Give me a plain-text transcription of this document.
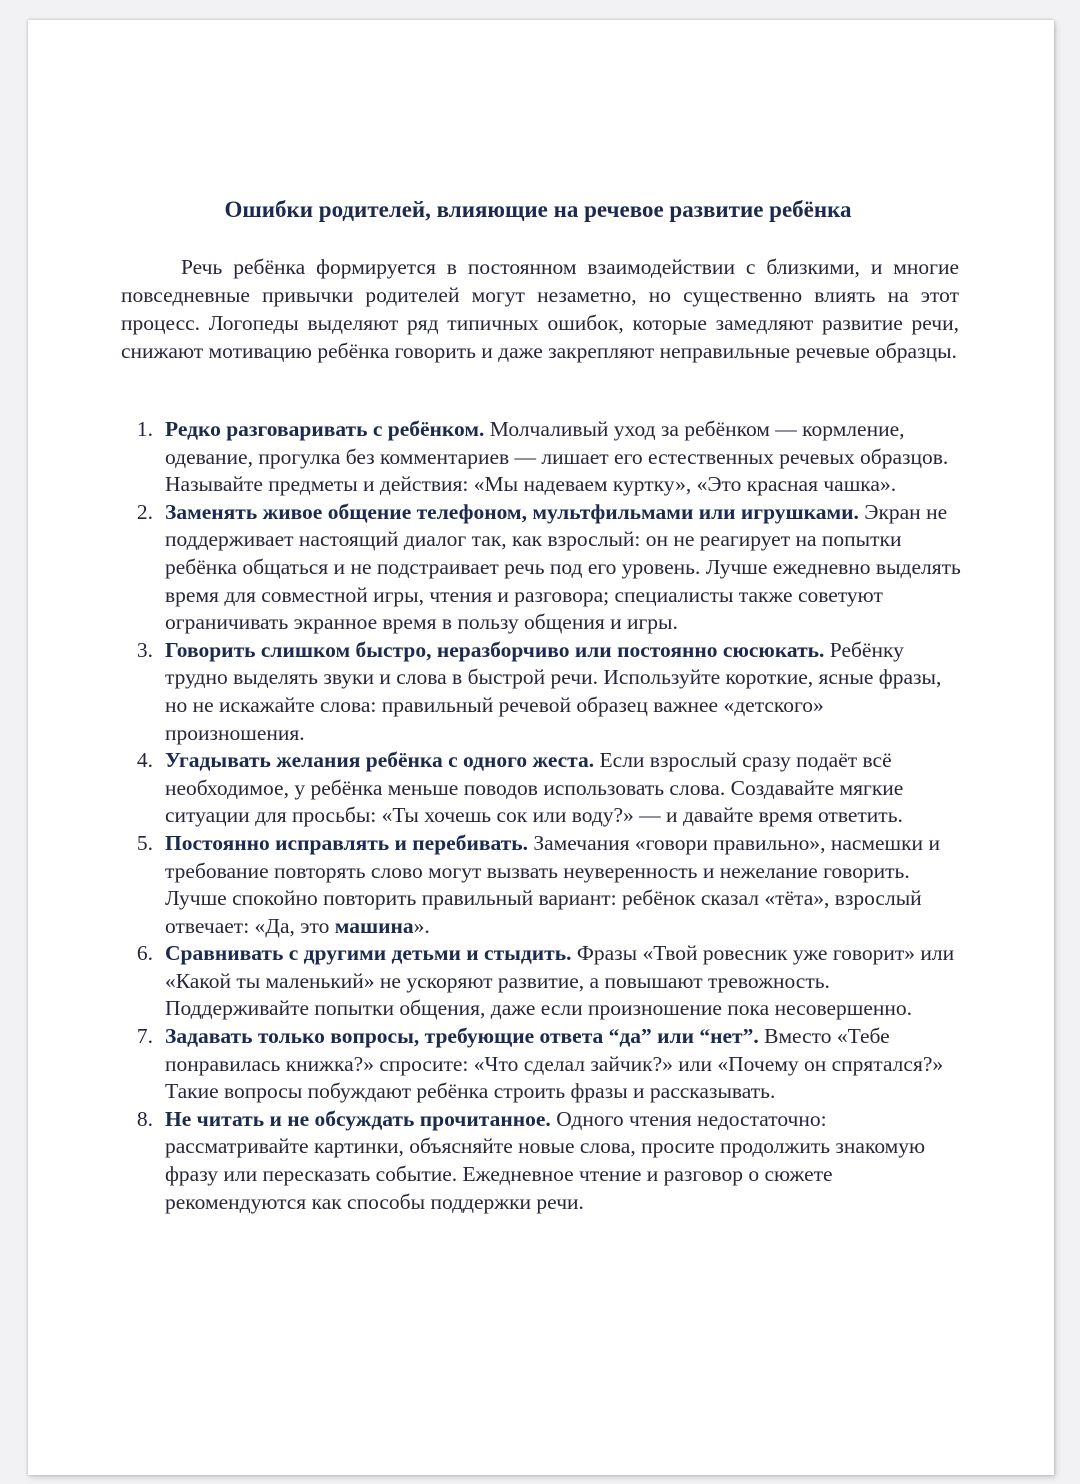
Ошибки родителей, влияющие на речевое развитие ребёнка

Речь ребёнка формируется в постоянном взаимодействии с близкими, и многие повседневные привычки родителей могут незаметно, но существенно влиять на этот процесс. Логопеды выделяют ряд типичных ошибок, которые замедляют развитие речи, снижают мотивацию ребёнка говорить и даже закрепляют неправильные речевые образцы.

1. Редко разговаривать с ребёнком. Молчаливый уход за ребёнком — кормление, одевание, прогулка без комментариев — лишает его естественных речевых образцов. Называйте предметы и действия: «Мы надеваем куртку», «Это красная чашка».
2. Заменять живое общение телефоном, мультфильмами или игрушками. Экран не поддерживает настоящий диалог так, как взрослый: он не реагирует на попытки ребёнка общаться и не подстраивает речь под его уровень. Лучше ежедневно выделять время для совместной игры, чтения и разговора; специалисты также советуют ограничивать экранное время в пользу общения и игры.
3. Говорить слишком быстро, неразборчиво или постоянно сюсюкать. Ребёнку трудно выделять звуки и слова в быстрой речи. Используйте короткие, ясные фразы, но не искажайте слова: правильный речевой образец важнее «детского» произношения.
4. Угадывать желания ребёнка с одного жеста. Если взрослый сразу подаёт всё необходимое, у ребёнка меньше поводов использовать слова. Создавайте мягкие ситуации для просьбы: «Ты хочешь сок или воду?» — и давайте время ответить.
5. Постоянно исправлять и перебивать. Замечания «говори правильно», насмешки и требование повторять слово могут вызвать неуверенность и нежелание говорить. Лучше спокойно повторить правильный вариант: ребёнок сказал «тёта», взрослый отвечает: «Да, это машина».
6. Сравнивать с другими детьми и стыдить. Фразы «Твой ровесник уже говорит» или «Какой ты маленький» не ускоряют развитие, а повышают тревожность. Поддерживайте попытки общения, даже если произношение пока несовершенно.
7. Задавать только вопросы, требующие ответа “да” или “нет”. Вместо «Тебе понравилась книжка?» спросите: «Что сделал зайчик?» или «Почему он спрятался?» Такие вопросы побуждают ребёнка строить фразы и рассказывать.
8. Не читать и не обсуждать прочитанное. Одного чтения недостаточно: рассматривайте картинки, объясняйте новые слова, просите продолжить знакомую фразу или пересказать событие. Ежедневное чтение и разговор о сюжете рекомендуются как способы поддержки речи.
